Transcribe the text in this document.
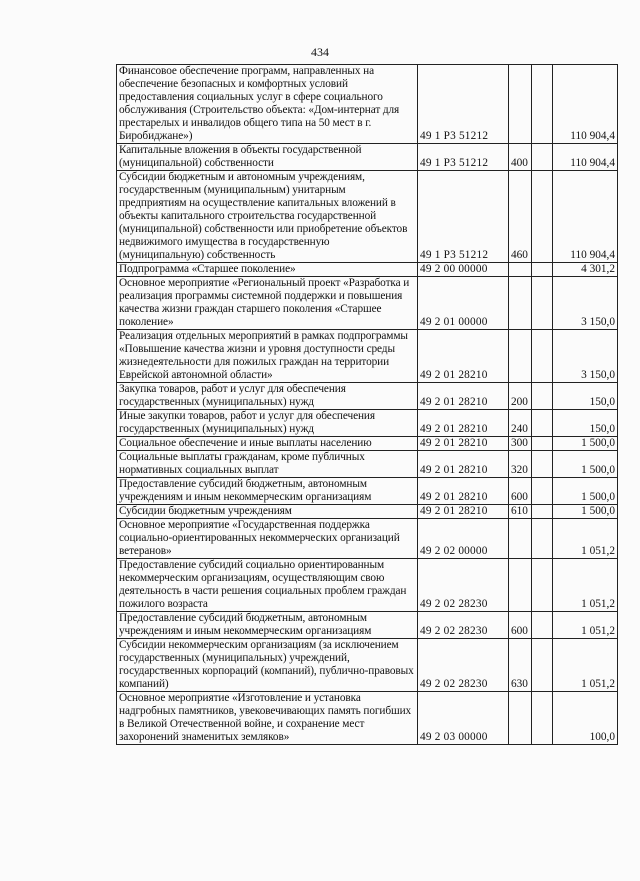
434
Финансовое обеспечение программ, направленных на обеспечение безопасных и комфортных условий предоставления социальных услуг в сфере социального обслуживания (Строительство объекта: «Дом-интернат для престарелых и инвалидов общего типа на 50 мест в г. Биробиджане»)	49 1 P3 51212			110 904,4
Капитальные вложения в объекты государственной (муниципальной) собственности	49 1 P3 51212	400		110 904,4
Субсидии бюджетным и автономным учреждениям, государственным (муниципальным) унитарным предприятиям на осуществление капитальных вложений в объекты капитального строительства государственной (муниципальной) собственности или приобретение объектов недвижимого имущества в государственную (муниципальную) собственность	49 1 P3 51212	460		110 904,4
Подпрограмма «Старшее поколение»	49 2 00 00000			4 301,2
Основное мероприятие «Региональный проект «Разработка и реализация программы системной поддержки и повышения качества жизни граждан старшего поколения «Старшее поколение»	49 2 01 00000			3 150,0
Реализация отдельных мероприятий в рамках подпрограммы «Повышение качества жизни и уровня доступности среды жизнедеятельности для пожилых граждан на территории Еврейской автономной области»	49 2 01 28210			3 150,0
Закупка товаров, работ и услуг для обеспечения государственных (муниципальных) нужд	49 2 01 28210	200		150,0
Иные закупки товаров, работ и услуг для обеспечения государственных (муниципальных) нужд	49 2 01 28210	240		150,0
Социальное обеспечение и иные выплаты населению	49 2 01 28210	300		1 500,0
Социальные выплаты гражданам, кроме публичных нормативных социальных выплат	49 2 01 28210	320		1 500,0
Предоставление субсидий бюджетным, автономным учреждениям и иным некоммерческим организациям	49 2 01 28210	600		1 500,0
Субсидии бюджетным учреждениям	49 2 01 28210	610		1 500,0
Основное мероприятие «Государственная поддержка социально-ориентированных некоммерческих организаций ветеранов»	49 2 02 00000			1 051,2
Предоставление субсидий социально ориентированным некоммерческим организациям, осуществляющим свою деятельность в части решения социальных проблем граждан пожилого возраста	49 2 02 28230			1 051,2
Предоставление субсидий бюджетным, автономным учреждениям и иным некоммерческим организациям	49 2 02 28230	600		1 051,2
Субсидии некоммерческим организациям (за исключением государственных (муниципальных) учреждений, государственных корпораций (компаний), публично-правовых компаний)	49 2 02 28230	630		1 051,2
Основное мероприятие «Изготовление и установка надгробных памятников, увековечивающих память погибших в Великой Отечественной войне, и сохранение мест захоронений знаменитых земляков»	49 2 03 00000			100,0
